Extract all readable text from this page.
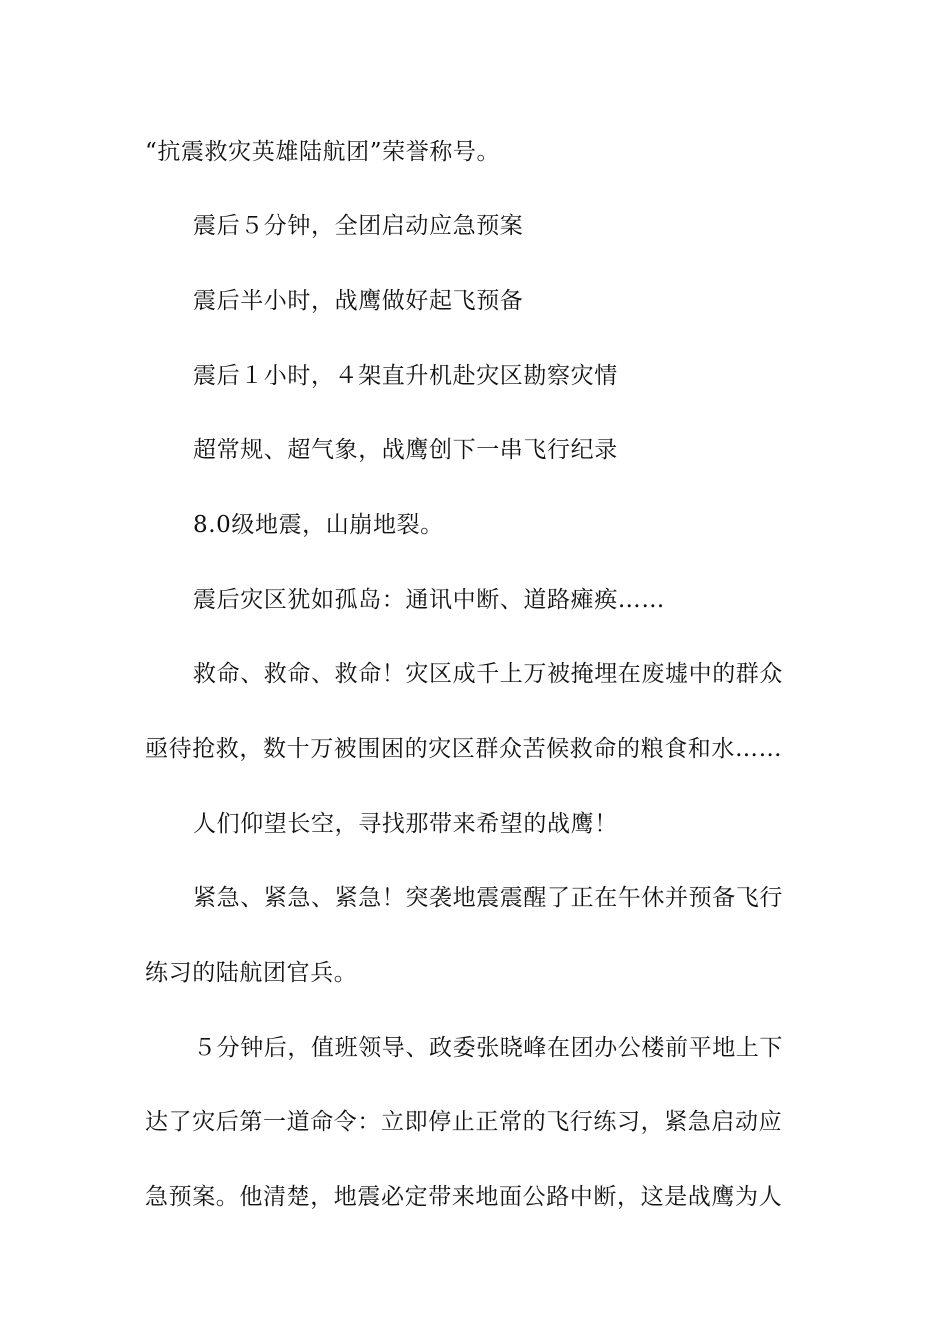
“抗震救灾英雄陆航团”荣誉称号。
震后５分钟，全团启动应急预案
震后半小时，战鹰做好起飞预备
震后１小时，４架直升机赴灾区勘察灾情
超常规、超气象，战鹰创下一串飞行纪录
8.0级地震，山崩地裂。
震后灾区犹如孤岛：通讯中断、道路瘫痪……
救命、救命、救命！灾区成千上万被掩埋在废墟中的群众
亟待抢救，数十万被围困的灾区群众苦候救命的粮食和水……
人们仰望长空，寻找那带来希望的战鹰！
紧急、紧急、紧急！突袭地震震醒了正在午休并预备飞行
练习的陆航团官兵。
５分钟后，值班领导、政委张晓峰在团办公楼前平地上下
达了灾后第一道命令：立即停止正常的飞行练习，紧急启动应
急预案。他清楚，地震必定带来地面公路中断，这是战鹰为人
